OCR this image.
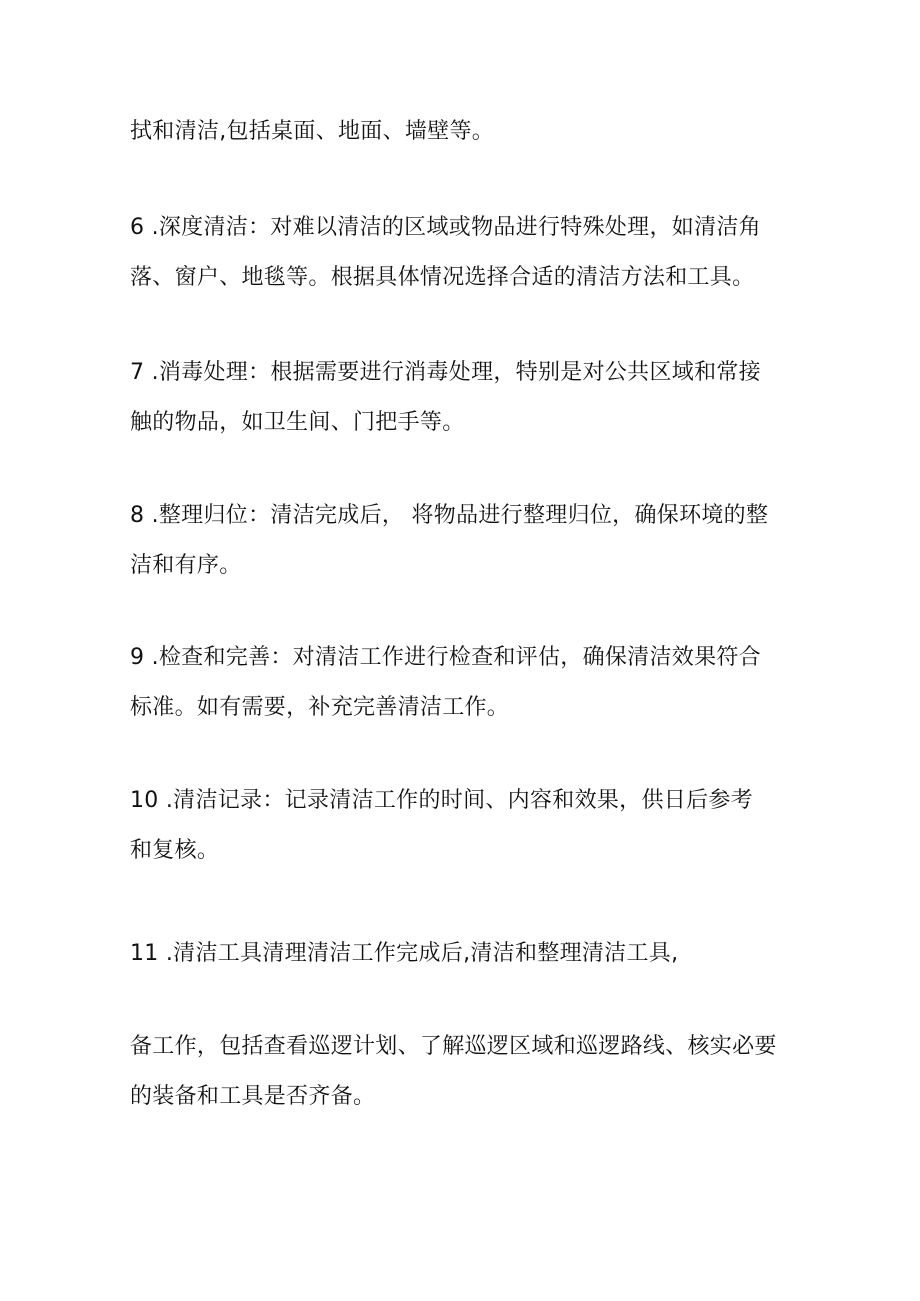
拭和清洁,包括桌面、地面、墙壁等。

6 .深度清洁：对难以清洁的区域或物品进行特殊处理，如清洁角
落、窗户、地毯等。根据具体情况选择合适的清洁方法和工具。

7 .消毒处理：根据需要进行消毒处理，特别是对公共区域和常接
触的物品，如卫生间、门把手等。

8 .整理归位：清洁完成后， 将物品进行整理归位，确保环境的整
洁和有序。

9 .检查和完善：对清洁工作进行检查和评估，确保清洁效果符合
标准。如有需要，补充完善清洁工作。

10 .清洁记录：记录清洁工作的时间、内容和效果，供日后参考
和复核。

11 .清洁工具清理清洁工作完成后,清洁和整理清洁工具,

备工作，包括查看巡逻计划、了解巡逻区域和巡逻路线、核实必要
的装备和工具是否齐备。
